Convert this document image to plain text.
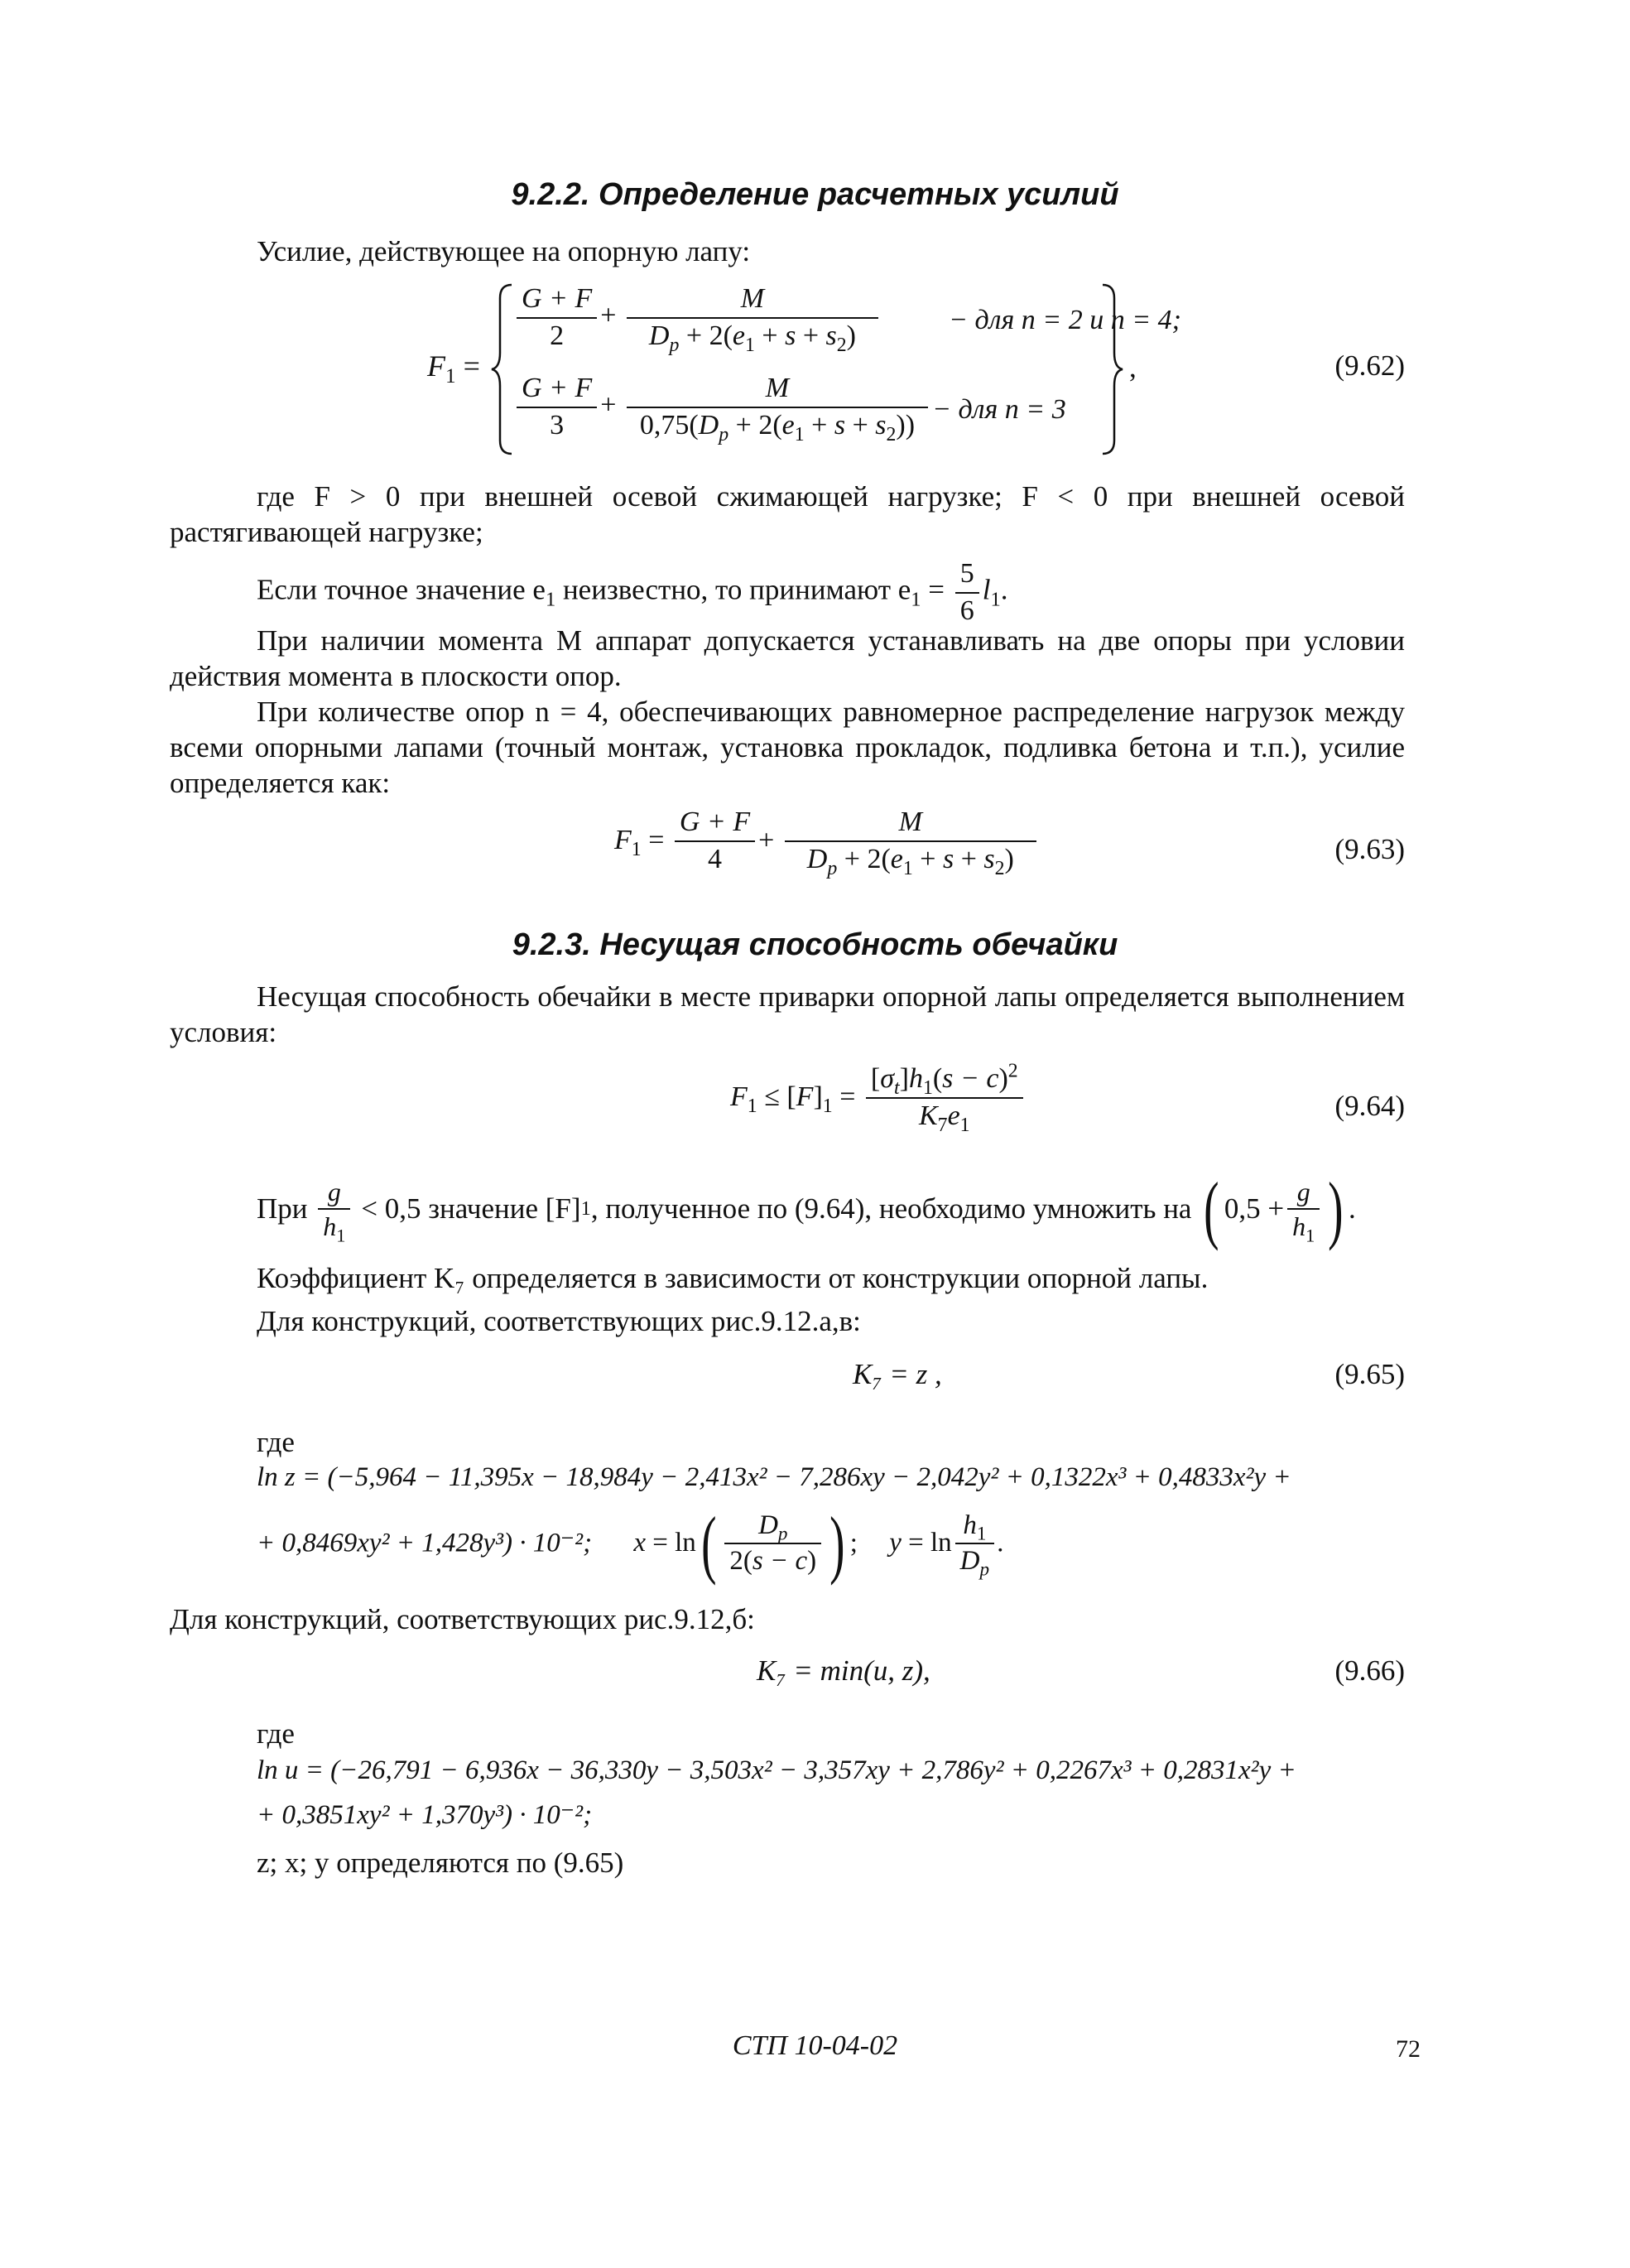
9.2.2. Определение расчетных усилий
Усилие, действующее на опорную лапу:
$F_1$ =
$\frac{G + F}{2} + \frac{M}{D_p + 2(e_1 + s + s_2)}$	− для n = 2 и n = 4;
$\frac{G + F}{3} + \frac{M}{0,75(D_p + 2(e_1 + s + s_2))}$ − для n = 3
,	(9.62)
где F > 0 при внешней осевой сжимающей нагрузке; F < 0 при внешней осевой растягивающей нагрузке;
Если точное значение $e_1$ неизвестно, то принимают $e_1 = \frac{5}{6} l_1$.
При наличии момента M аппарат допускается устанавливать на две опоры при условии действия момента в плоскости опор.
При количестве опор n = 4, обеспечивающих равномерное распределение нагрузок между всеми опорными лапами (точный монтаж, установка прокладок, подливка бетона и т.п.), усилие определяется как:
$F_1 = \frac{G + F}{4} + \frac{M}{D_p + 2(e_1 + s + s_2)}$	(9.63)
9.2.3. Несущая способность обечайки
Несущая способность обечайки в месте приварки опорной лапы определяется выполнением условия:
$F_1 \le [F]_1 = \frac{[\sigma_t]h_1(s - c)^2}{K_7e_1}$	(9.64)
При $\frac{g}{h_1} < 0,5$ значение [F]1, полученное по (9.64), необходимо умножить на ( $0,5 + \frac{g}{h_1}$ ) .
Коэффициент K₇ определяется в зависимости от конструкции опорной лапы.
Для конструкций, соответствующих рис.9.12.а,в:
K₇ = z ,	(9.65)
где
ln z = (−5,964 − 11,395x − 18,984y − 2,413x² − 7,286xy − 2,042y² + 0,1322x³ + 0,4833x²y +
+ 0,8469xy² + 1,428y³) · 10⁻²; $x = \ln( \frac{D_p}{2(s - c)}$ ) ; $y = \ln \frac{h_1}{D_p}$ .
Для конструкций, соответствующих рис.9.12,б:
K₇ = min(u, z),	(9.66)
где
ln u = (−26,791 − 6,936x − 36,330y − 3,503x² − 3,357xy + 2,786y² + 0,2267x³ + 0,2831x²y +
+ 0,3851xy² + 1,370y³) · 10⁻²;
z; x; y определяются по (9.65)
СТП 10-04-02	72
